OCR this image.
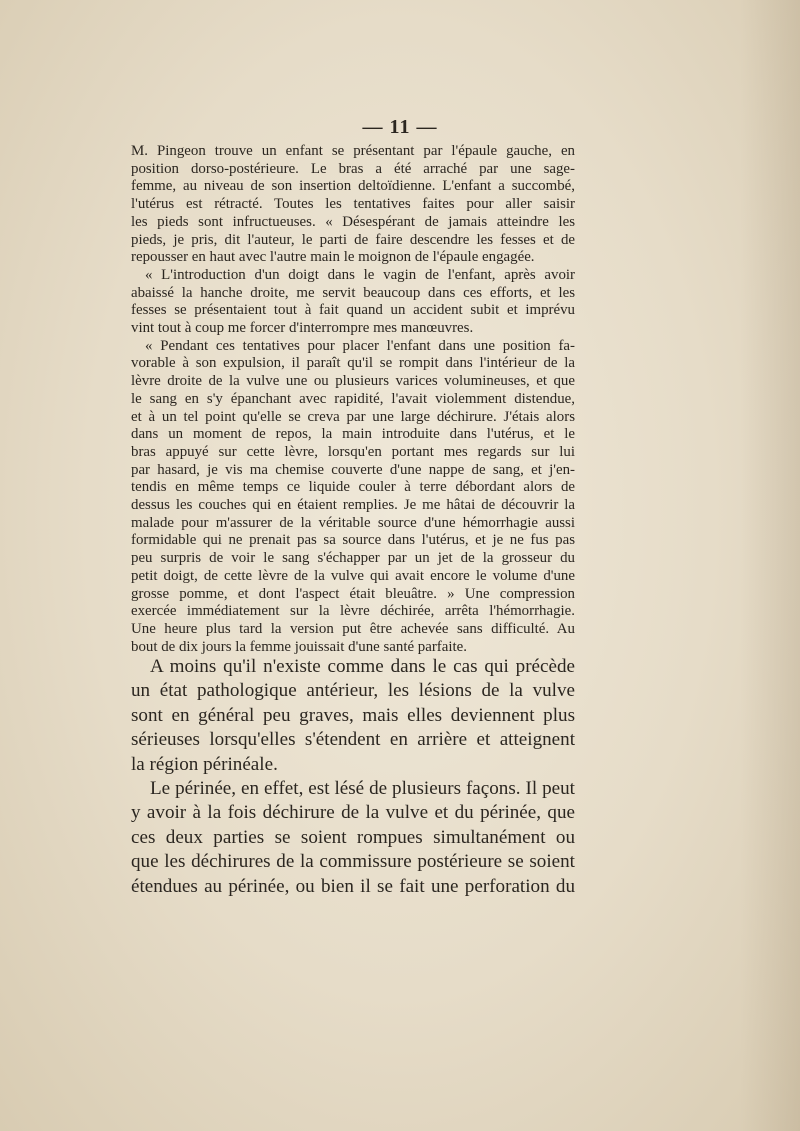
— 11 —

M. Pingeon trouve un enfant se présentant par l'épaule gauche, en
position dorso-postérieure. Le bras a été arraché par une sage-
femme, au niveau de son insertion deltoïdienne. L'enfant a succombé,
l'utérus est rétracté. Toutes les tentatives faites pour aller saisir
les pieds sont infructueuses. « Désespérant de jamais atteindre les
pieds, je pris, dit l'auteur, le parti de faire descendre les fesses et de
repousser en haut avec l'autre main le moignon de l'épaule engagée.

« L'introduction d'un doigt dans le vagin de l'enfant, après avoir
abaissé la hanche droite, me servit beaucoup dans ces efforts, et les
fesses se présentaient tout à fait quand un accident subit et imprévu
vint tout à coup me forcer d'interrompre mes manœuvres.

« Pendant ces tentatives pour placer l'enfant dans une position fa-
vorable à son expulsion, il paraît qu'il se rompit dans l'intérieur de la
lèvre droite de la vulve une ou plusieurs varices volumineuses, et que
le sang en s'y épanchant avec rapidité, l'avait violemment distendue,
et à un tel point qu'elle se creva par une large déchirure. J'étais alors
dans un moment de repos, la main introduite dans l'utérus, et le
bras appuyé sur cette lèvre, lorsqu'en portant mes regards sur lui
par hasard, je vis ma chemise couverte d'une nappe de sang, et j'en-
tendis en même temps ce liquide couler à terre débordant alors de
dessus les couches qui en étaient remplies. Je me hâtai de découvrir la
malade pour m'assurer de la véritable source d'une hémorrhagie aussi
formidable qui ne prenait pas sa source dans l'utérus, et je ne fus pas
peu surpris de voir le sang s'échapper par un jet de la grosseur du
petit doigt, de cette lèvre de la vulve qui avait encore le volume d'une
grosse pomme, et dont l'aspect était bleuâtre. » Une compression
exercée immédiatement sur la lèvre déchirée, arrêta l'hémorrhagie.
Une heure plus tard la version put être achevée sans difficulté. Au
bout de dix jours la femme jouissait d'une santé parfaite.

A moins qu'il n'existe comme dans le cas qui précède
un état pathologique antérieur, les lésions de la vulve
sont en général peu graves, mais elles deviennent plus
sérieuses lorsqu'elles s'étendent en arrière et atteignent
la région périnéale.

Le périnée, en effet, est lésé de plusieurs façons. Il peut
y avoir à la fois déchirure de la vulve et du périnée, que
ces deux parties se soient rompues simultanément ou
que les déchirures de la commissure postérieure se soient
étendues au périnée, ou bien il se fait une perforation du
